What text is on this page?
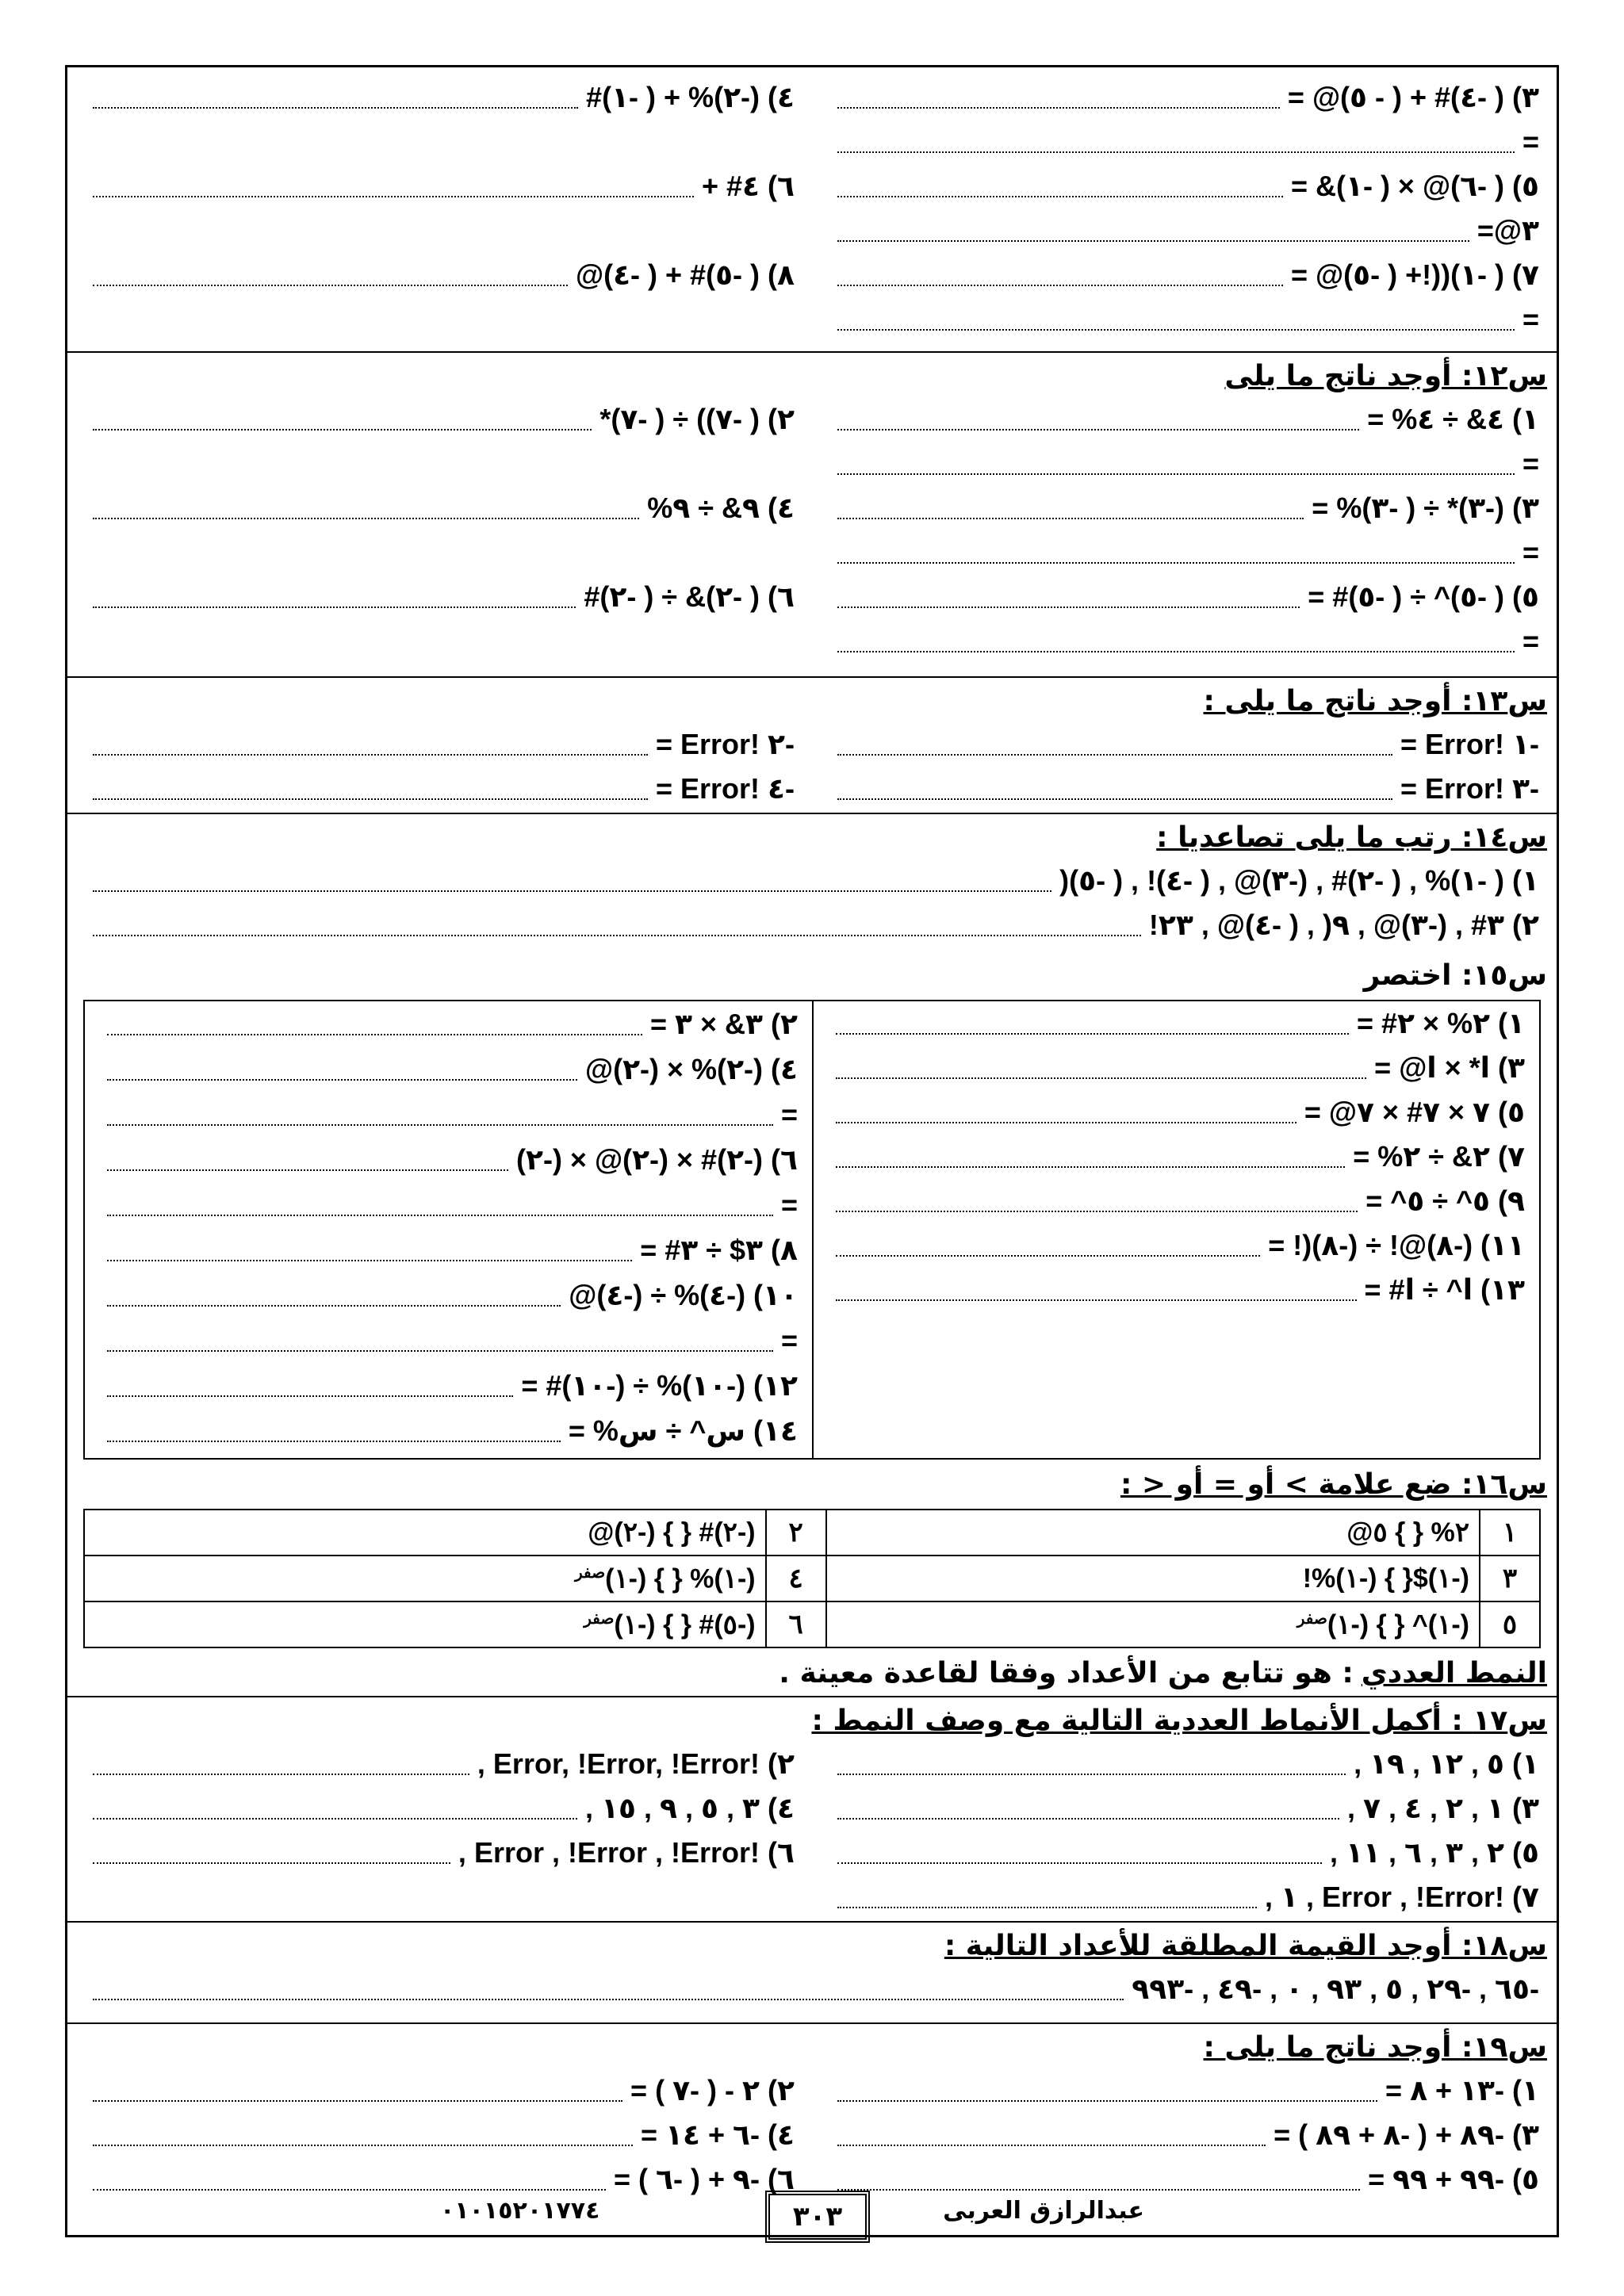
٣) ( -٤)# + ( - ٥)@ =
٤) (-٢)% + ( -١)#
=
٥) ( -٦)@ × ( -١)& =
٦) ٤# +
٣@=
٧) ( -١)((!+ ( -٥)@ =
٨) ( -٥)# + ( -٤)@
=
س١٢: أوجد ناتج ما يلى
١) ٤& ÷ ٤% =
٢) ( -٧)) ÷ ( -٧)*
=
٣) (-٣)* ÷ ( -٣)% =
٤) ٩& ÷ ٩%
=
٥) ( -٥)^ ÷ ( -٥)# =
٦) ( -٢)& ÷ ( -٢)#
=
س١٣: أوجد ناتج ما يلى :
-١ !Error =
-٢ !Error =
-٣ !Error =
-٤ !Error =
س١٤: رتب ما يلى تصاعديا :
١) ( -١)% , ( -٢)# , (-٣)@ , ( -٤)! , ( -٥)(
٢) ٣# , (-٣)@ , ٩( , ( -٤)@ , ٢٣!
س١٥: اختصر
١) ٢% × ٢# =
٣) ا* × ا@ =
٥) ٧ × ٧# × ٧@ =
٧) ٢& ÷ ٢% =
٩) ٥^ ÷ ٥^ =
١١) (-٨)@! ÷ (-٨)(! =
١٣) ا^ ÷ ا# =
٢) ٣& × ٣ =
٤) (-٢)% × (-٢)@
=
٦) (-٢)# × (-٢)@ × (-٢)
=
٨) ٣$ ÷ ٣# =
١٠) (-٤)% ÷ (-٤)@
=
١٢) (-١٠)% ÷ (-١٠)# =
١٤) س^ ÷ س% =
س١٦: ضع علامة > أو = أو < :
١	٢% { } ٥@	٢	(-٢)# { } (-٢)@
٣	(-١)${ } (-١)%!	٤	(-١)% { } (-١)$^{صفر}$
٥	(-١)^ { } (-١)$^{صفر}$	٦	(-٥)# { } (-١)$^{صفر}$
النمط العددي
: هو تتابع من الأعداد وفقا لقاعدة معينة .
س١٧ : أكمل الأنماط العددية التالية مع وصف النمط :
١) ٥ , ١٢ , ١٩ ,
٢) !Error, !Error, !Error ,
٣) ١ , ٢ , ٤ , ٧ ,
٤) ٣ , ٥ , ٩ , ١٥ ,
٥) ٢ , ٣ , ٦ , ١١ ,
٦) !Error , !Error , !Error ,
٧) !Error , !Error , ١ ,
س١٨: أوجد القيمة المطلقة للأعداد التالية :
-٦٥ , -٢٩ , ٥ , ٩٣ , ٠ , -٤٩ , -٩٩٣
س١٩: أوجد ناتج ما يلى :
١) -١٣ + ٨ =
٢) ٢ - ( -٧ ) =
٣) -٨٩ + ( -٨ + ٨٩ ) =
٤) -٦ + ١٤ =
٥) -٩٩ + ٩٩ =
٦) -٩ + ( -٦ ) =
عبدالرازق العربى
٣٠٣
٠١٠١٥٢٠١٧٧٤
